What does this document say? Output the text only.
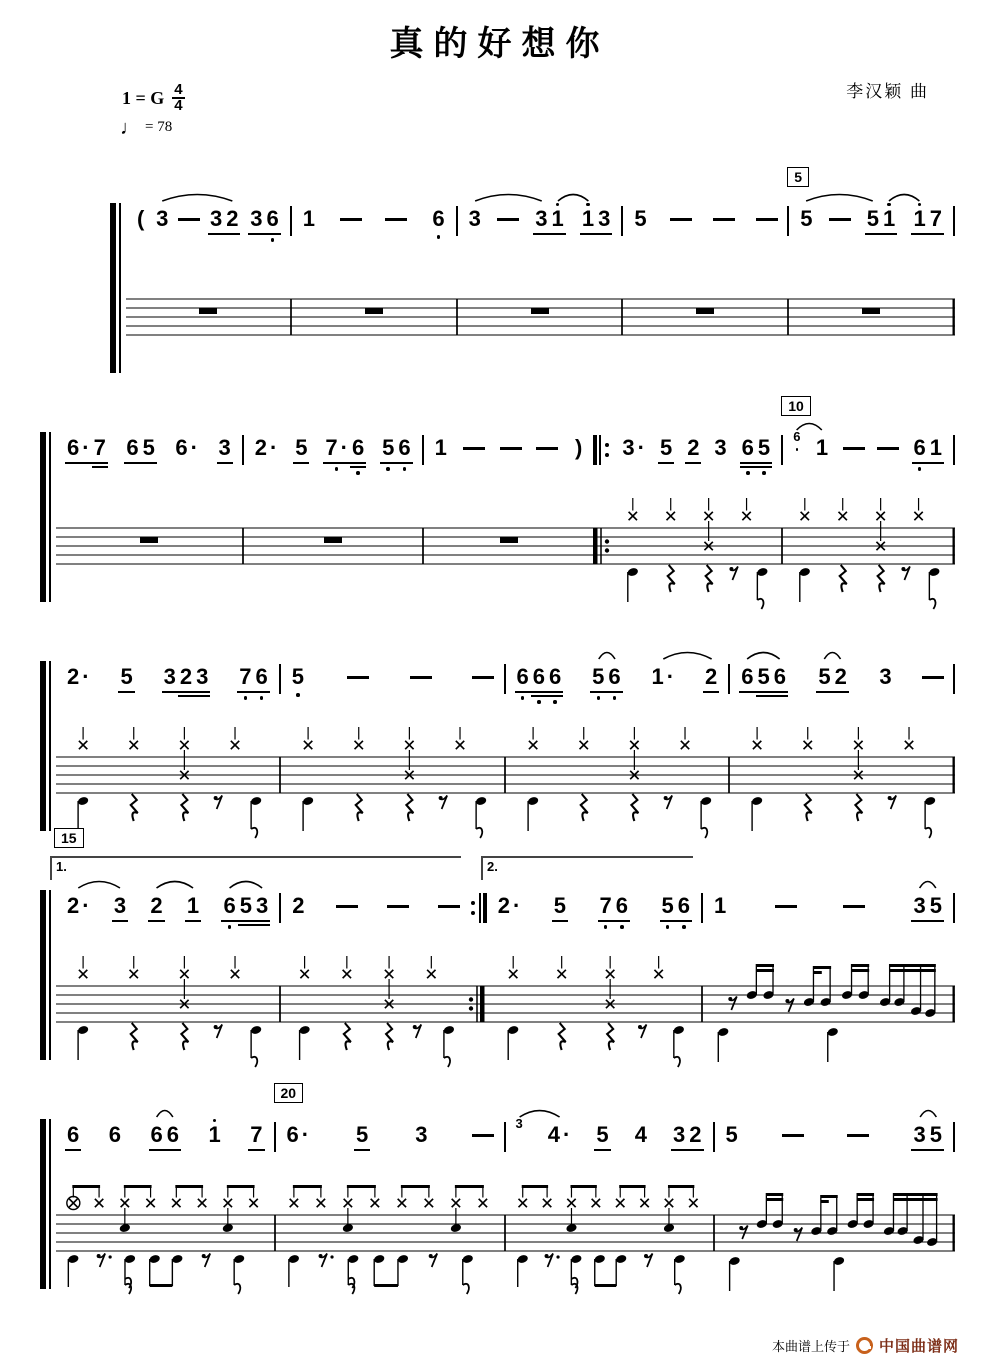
真的好想你
1 = G $\frac{4}{4}$
♩ = 78
李汉颖 曲
( 3 3 2 3 6 1	6 3 3 1 1 3 5	5 5 1 1 7
5
6 · 7 6 5 6 · 3 2 · 5 7 · 6 5 6 1	) 3 · 5 2 3 6 5 6 1	6 1
10
2 · 5 3 2 3 7 6 5	6 6 6 5 6 1 · 2 6 5 6 5 2 3
2 · 3 2 1 6 5 3
15
2	2 · 5 7 6 5 6 1	3 5
1.	2.
6 6 6 6 1 7 6 · 5 3
20
3 4 · 5 4 3 2 5	3 5
本曲谱上传于 中国曲谱网
